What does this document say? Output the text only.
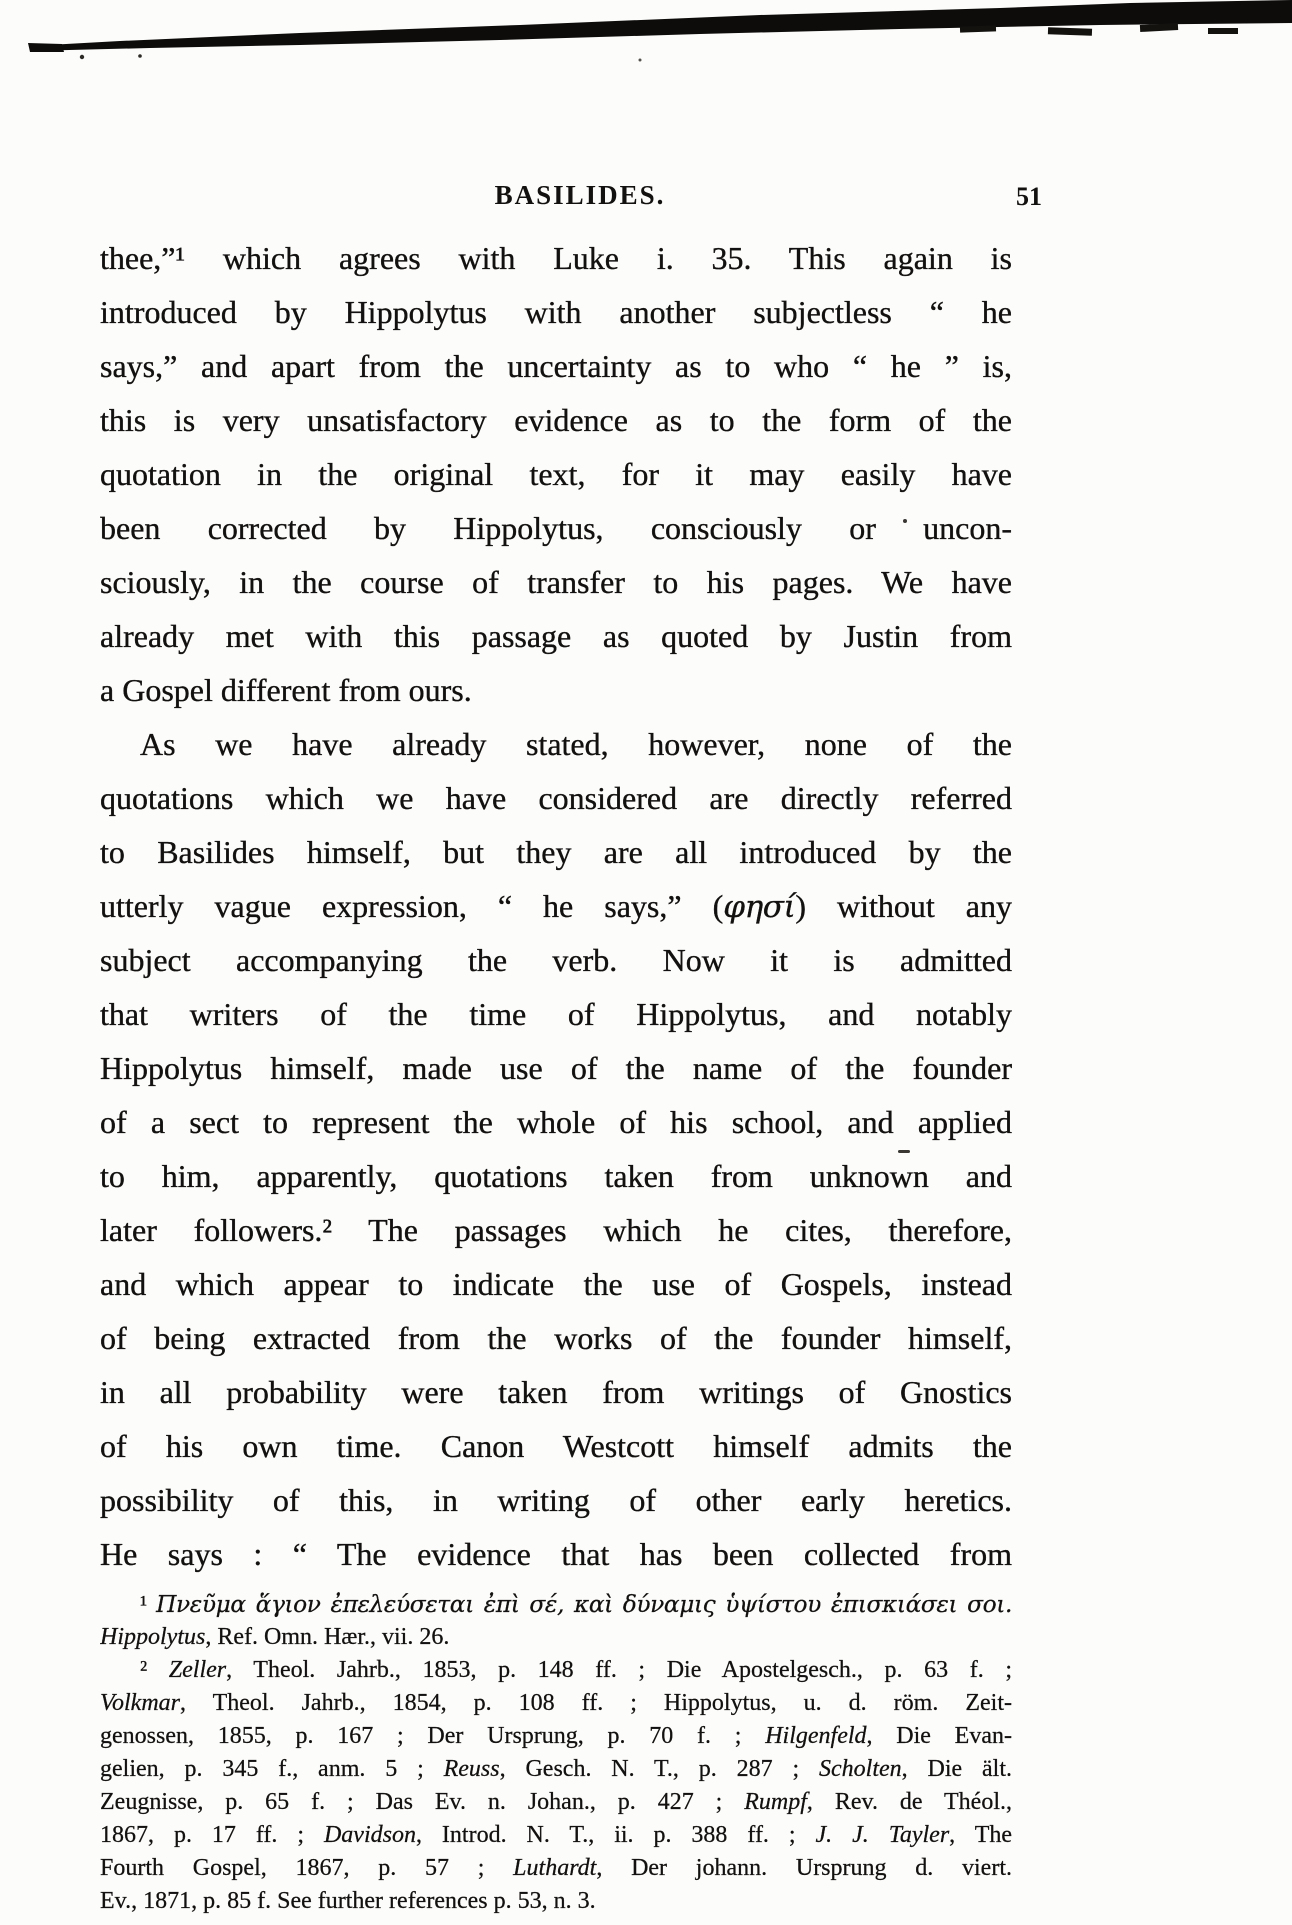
BASILIDES.	51
thee,”¹ which agrees with Luke i. 35. This again is
introduced by Hippolytus with another subjectless “ he
says,” and apart from the uncertainty as to who “ he ” is,
this is very unsatisfactory evidence as to the form of the
quotation in the original text, for it may easily have
been corrected by Hippolytus, consciously or uncon-
sciously, in the course of transfer to his pages. We have
already met with this passage as quoted by Justin from
a Gospel different from ours.
As we have already stated, however, none of the
quotations which we have considered are directly referred
to Basilides himself, but they are all introduced by the
utterly vague expression, “ he says,” (φησί) without any
subject accompanying the verb. Now it is admitted
that writers of the time of Hippolytus, and notably
Hippolytus himself, made use of the name of the founder
of a sect to represent the whole of his school, and applied
to him, apparently, quotations taken from unknown and
later followers.² The passages which he cites, therefore,
and which appear to indicate the use of Gospels, instead
of being extracted from the works of the founder himself,
in all probability were taken from writings of Gnostics
of his own time. Canon Westcott himself admits the
possibility of this, in writing of other early heretics.
He says : “ The evidence that has been collected from
¹ Πνεῦμα ἅγιον ἐπελεύσεται ἐπὶ σέ, καὶ δύναμις ὑψίστου ἐπισκιάσει σοι.
Hippolytus, Ref. Omn. Hær., vii. 26.
² Zeller, Theol. Jahrb., 1853, p. 148 ff. ; Die Apostelgesch., p. 63 f. ;
Volkmar, Theol. Jahrb., 1854, p. 108 ff. ; Hippolytus, u. d. röm. Zeit-
genossen, 1855, p. 167 ; Der Ursprung, p. 70 f. ; Hilgenfeld, Die Evan-
gelien, p. 345 f., anm. 5 ; Reuss, Gesch. N. T., p. 287 ; Scholten, Die ält.
Zeugnisse, p. 65 f. ; Das Ev. n. Johan., p. 427 ; Rumpf, Rev. de Théol.,
1867, p. 17 ff. ; Davidson, Introd. N. T., ii. p. 388 ff. ; J. J. Tayler, The
Fourth Gospel, 1867, p. 57 ; Luthardt, Der johann. Ursprung d. viert.
Ev., 1871, p. 85 f. See further references p. 53, n. 3.
